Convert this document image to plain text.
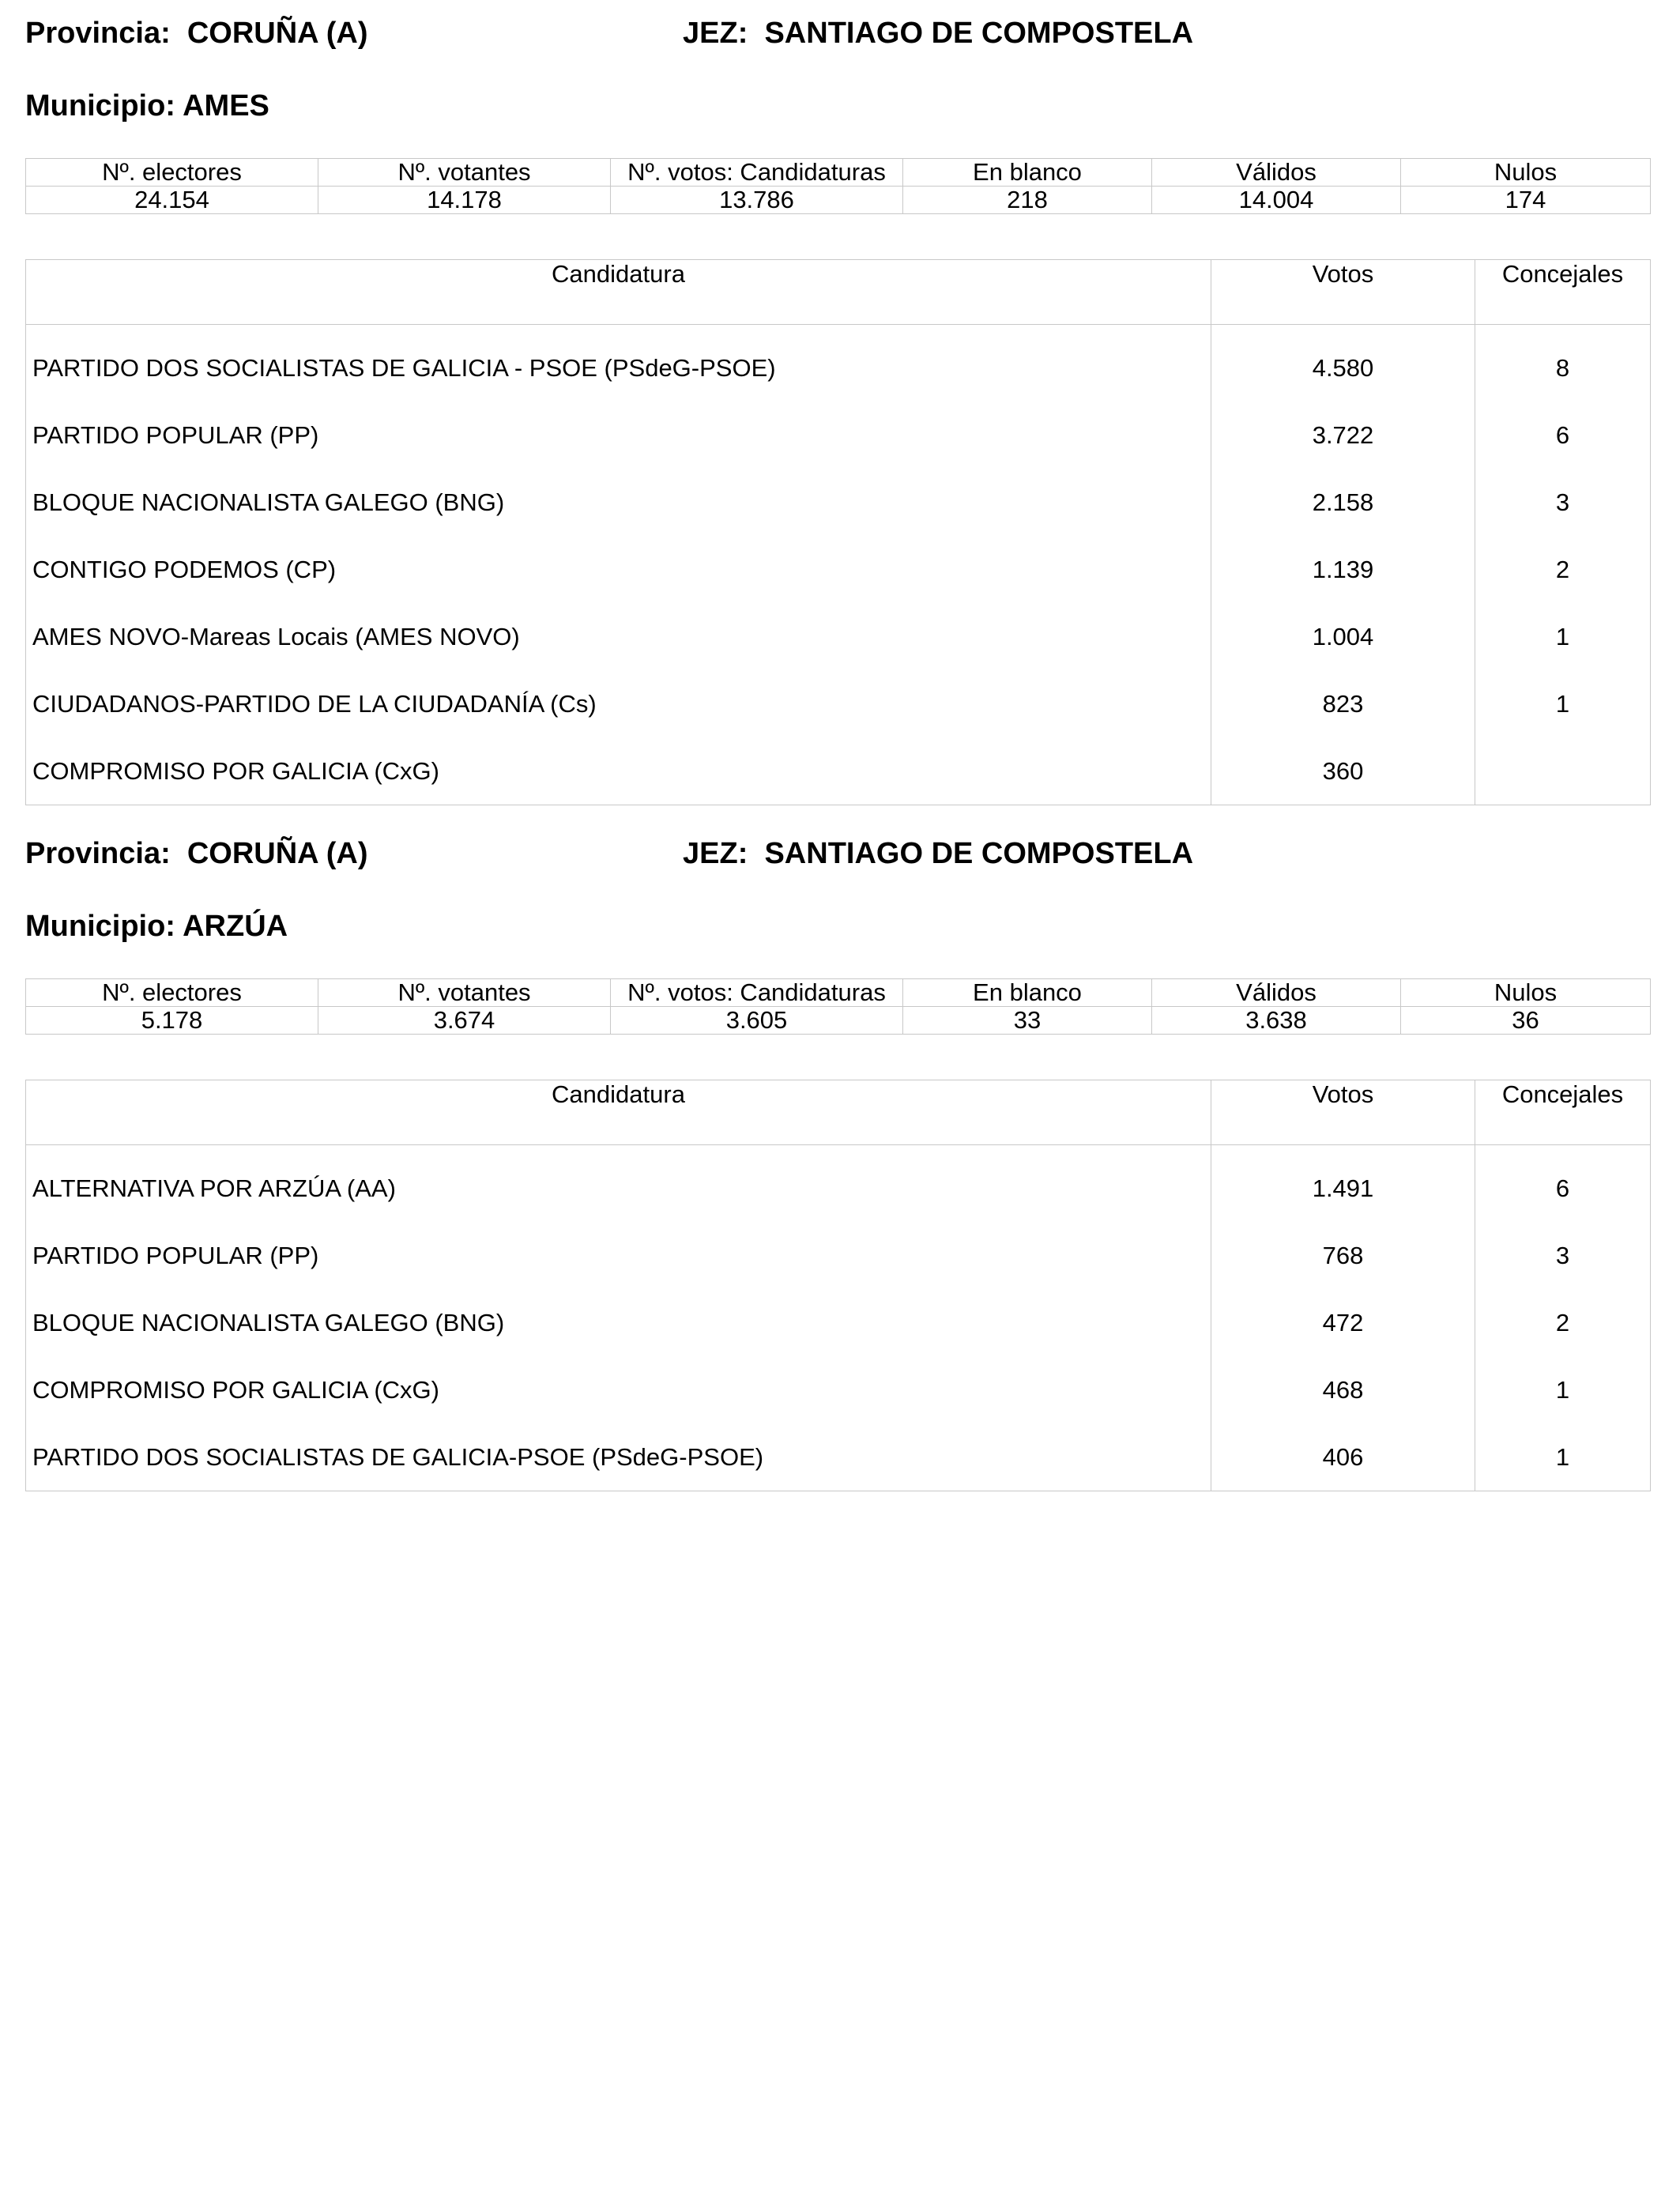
Provincia:  CORUÑA (A)	JEZ:  SANTIAGO DE COMPOSTELA
Municipio: AMES
Nº. electores	Nº. votantes	Nº. votos: Candidaturas	En blanco	Válidos	Nulos
24.154	14.178	13.786	218	14.004	174
Candidatura	Votos	Concejales
PARTIDO DOS SOCIALISTAS DE GALICIA - PSOE (PSdeG-PSOE)	4.580	8
PARTIDO POPULAR (PP)	3.722	6
BLOQUE NACIONALISTA GALEGO (BNG)	2.158	3
CONTIGO PODEMOS (CP)	1.139	2
AMES NOVO-Mareas Locais (AMES NOVO)	1.004	1
CIUDADANOS-PARTIDO DE LA CIUDADANÍA (Cs)	823	1
COMPROMISO POR GALICIA (CxG)	360	
Provincia:  CORUÑA (A)	JEZ:  SANTIAGO DE COMPOSTELA
Municipio: ARZÚA
Nº. electores	Nº. votantes	Nº. votos: Candidaturas	En blanco	Válidos	Nulos
5.178	3.674	3.605	33	3.638	36
Candidatura	Votos	Concejales
ALTERNATIVA POR ARZÚA (AA)	1.491	6
PARTIDO POPULAR (PP)	768	3
BLOQUE NACIONALISTA GALEGO (BNG)	472	2
COMPROMISO POR GALICIA (CxG)	468	1
PARTIDO DOS SOCIALISTAS DE GALICIA-PSOE (PSdeG-PSOE)	406	1
